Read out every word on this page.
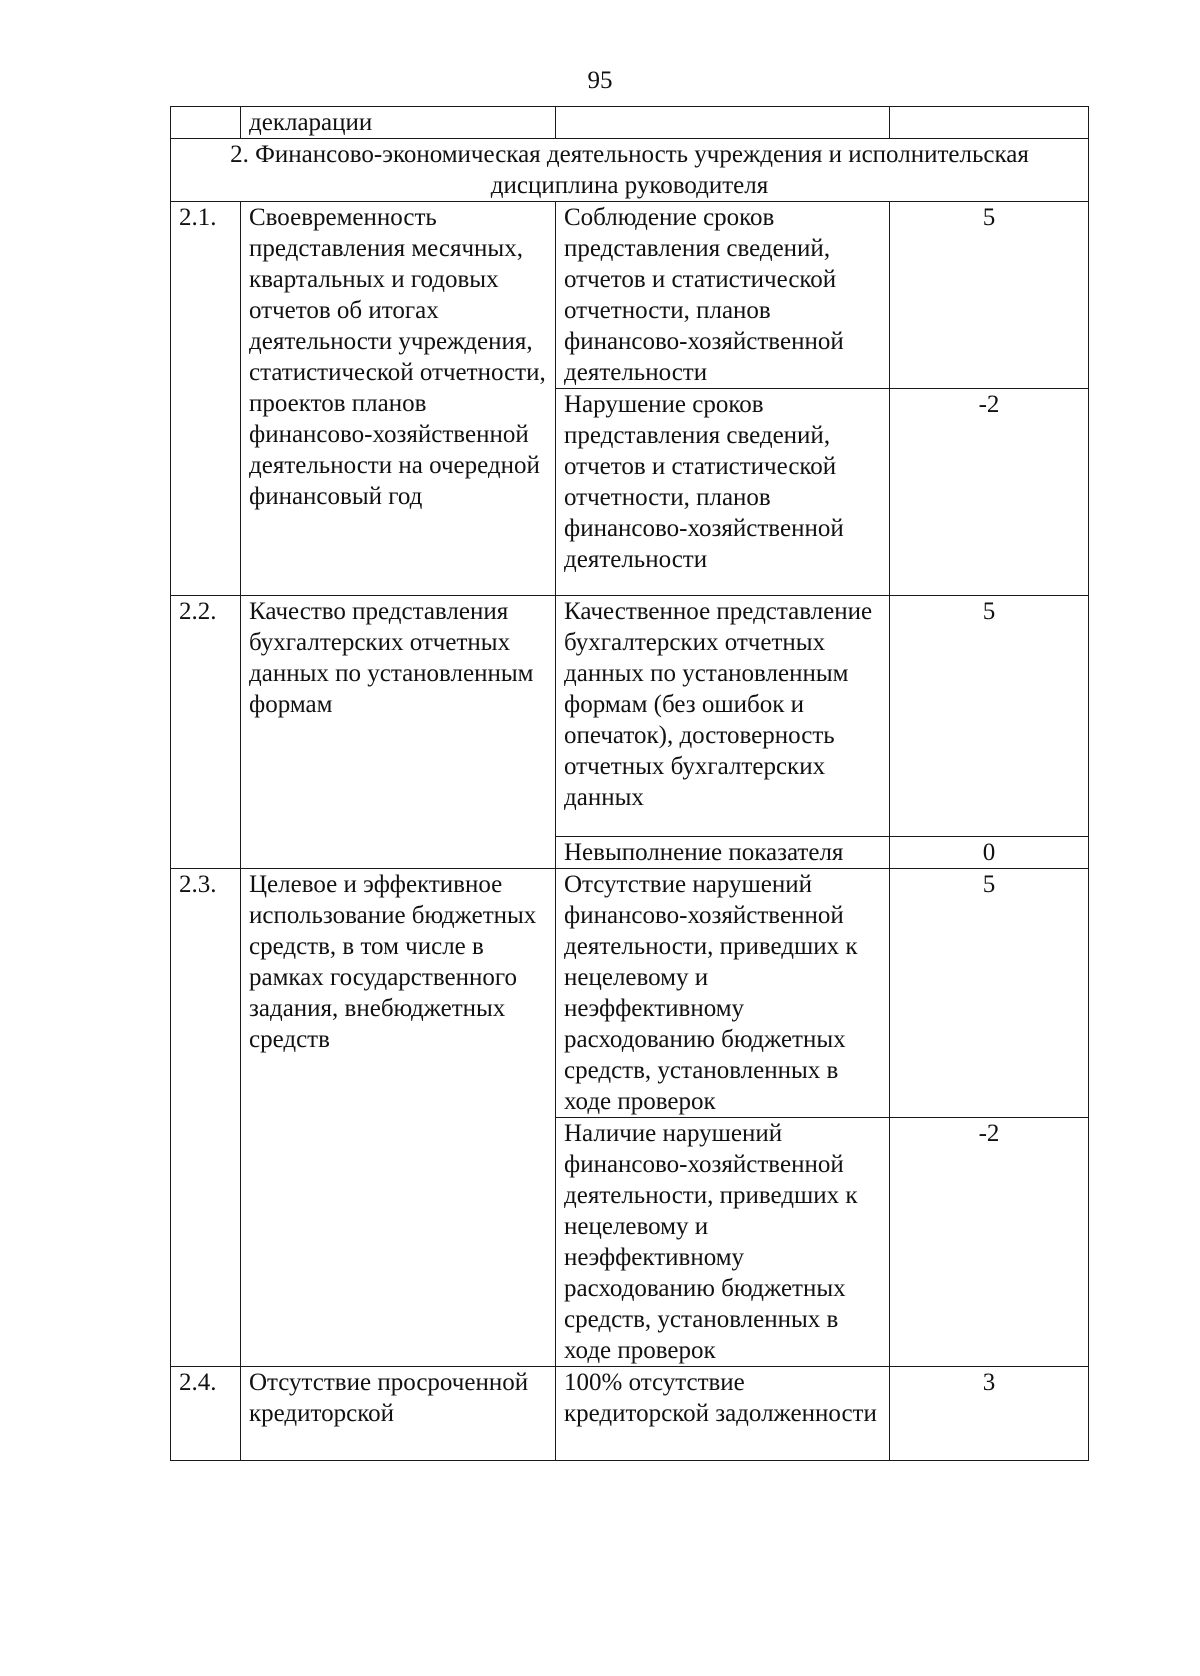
95
	декларации		
2. Финансово-экономическая деятельность учреждения и исполнительская дисциплина руководителя			
2.1.	Своевременность представления месячных, квартальных и годовых отчетов об итогах деятельности учреждения, статистической отчетности, проектов планов финансово-хозяйственной деятельности на очередной финансовый год	Соблюдение сроков представления сведений, отчетов и статистической отчетности, планов финансово-хозяйственной деятельности	5
		Нарушение сроков представления сведений, отчетов и статистической отчетности, планов финансово-хозяйственной деятельности	-2
2.2.	Качество представления бухгалтерских отчетных данных по установленным формам	Качественное представление бухгалтерских отчетных данных по установленным формам (без ошибок и опечаток), достоверность отчетных бухгалтерских данных	5
		Невыполнение показателя	0
2.3.	Целевое и эффективное использование бюджетных средств, в том числе в рамках государственного задания, внебюджетных средств	Отсутствие нарушений финансово-хозяйственной деятельности, приведших к нецелевому и неэффективному расходованию бюджетных средств, установленных в ходе проверок	5
		Наличие нарушений финансово-хозяйственной деятельности, приведших к нецелевому и неэффективному расходованию бюджетных средств, установленных в ходе проверок	-2
2.4.	Отсутствие просроченной кредиторской	100% отсутствие кредиторской задолженности	3
